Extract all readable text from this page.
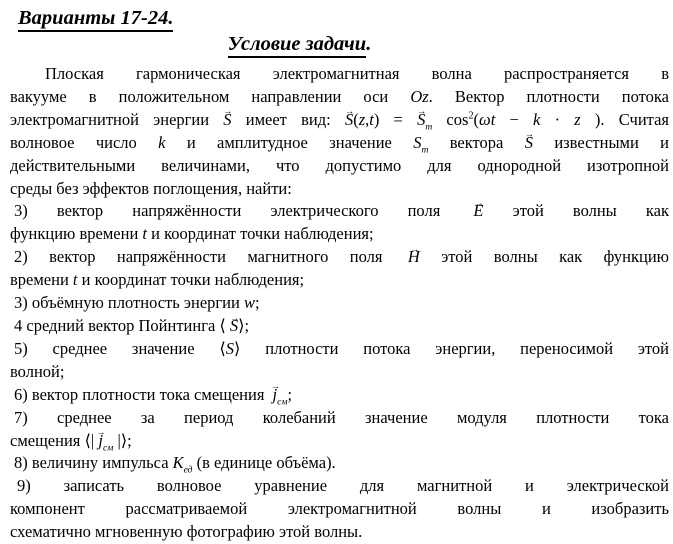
Варианты 17-24.
Условие задачи.
Плоская гармоническая электромагнитная волна распространяется в
вакууме в положительном направлении оси Oz. Вектор плотности потока
электромагнитной энергии → S имеет вид: → S(z,t) = → $S_m$ $\cos^2(\omega t - k \cdot z$ ). Считая
волновое число k и амплитудное значение $S_m$ вектора → S известными и
действительными величинами, что допустимо для однородной изотропной
среды без эффектов поглощения, найти:
3) вектор напряжённости электрического поля → E этой волны как
функцию времени t и координат точки наблюдения;
2) вектор напряжённости магнитного поля → H этой волны как функцию
времени t и координат точки наблюдения;
3) объёмную плотность энергии w;
4 средний вектор Пойнтинга ⟨ → S⟩;
5) среднее значение ⟨S⟩ плотности потока энергии, переносимой этой
волной;
6) вектор плотности тока смещения → $j_{см}$;
7) среднее за период колебаний значение модуля плотности тока
смещения ⟨| → $j_{см}$ |⟩;
8) величину импульса $K_{ед}$ (в единице объёма).
9) записать волновое уравнение для магнитной и электрической
компонент рассматриваемой электромагнитной волны и изобразить
схематично мгновенную фотографию этой волны.
